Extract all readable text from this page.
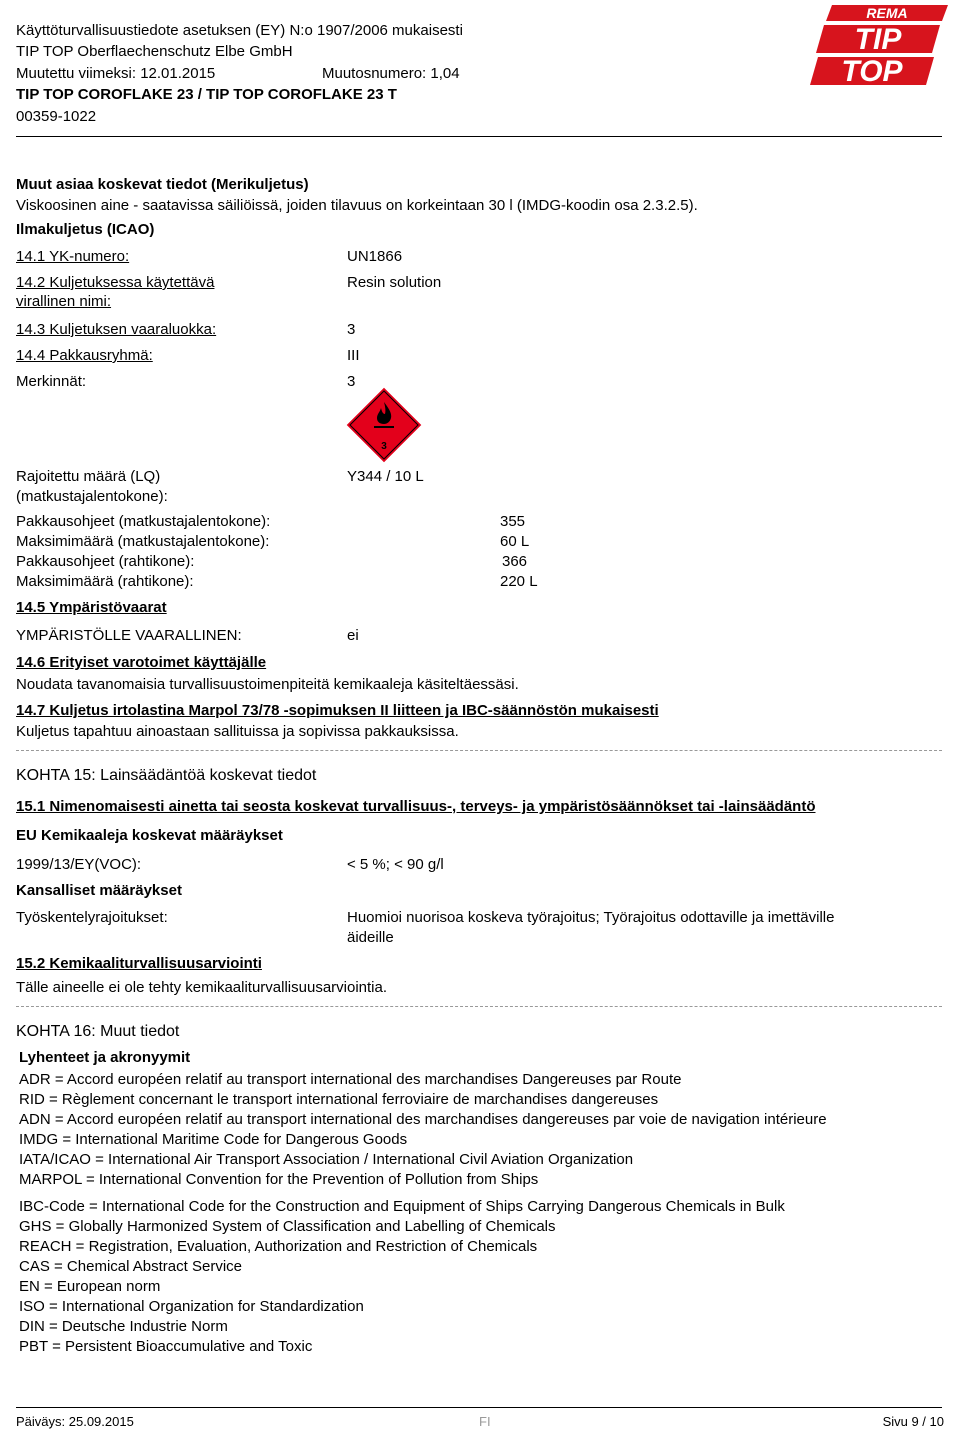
Käyttöturvallisuustiedote asetuksen (EY) N:o 1907/2006 mukaisesti
TIP TOP Oberflaechenschutz Elbe GmbH
Muutettu viimeksi: 12.01.2015	Muutosnumero: 1,04
TIP TOP COROFLAKE 23 / TIP TOP COROFLAKE 23 T
00359-1022
REMA
TIP
TOP
Muut asiaa koskevat tiedot (Merikuljetus)
Viskoosinen aine - saatavissa säiliöissä, joiden tilavuus on korkeintaan 30 l (IMDG-koodin osa 2.3.2.5).
Ilmakuljetus (ICAO)
14.1 YK-numero:	UN1866
14.2 Kuljetuksessa käytettävä
virallinen nimi:
Resin solution
14.3 Kuljetuksen vaaraluokka:	3
14.4 Pakkausryhmä:	III
Merkinnät:	3
3
Rajoitettu määrä (LQ)
(matkustajalentokone):
Y344 / 10 L
Pakkausohjeet (matkustajalentokone):	355
Maksimimäärä (matkustajalentokone):	60 L
Pakkausohjeet (rahtikone):	366
Maksimimäärä (rahtikone):	220 L
14.5 Ympäristövaarat
YMPÄRISTÖLLE VAARALLINEN:	ei
14.6 Erityiset varotoimet käyttäjälle
Noudata tavanomaisia turvallisuustoimenpiteitä kemikaaleja käsiteltäessäsi.
14.7 Kuljetus irtolastina Marpol 73/78 -sopimuksen II liitteen ja IBC-säännöstön mukaisesti
Kuljetus tapahtuu ainoastaan sallituissa ja sopivissa pakkauksissa.
KOHTA 15: Lainsäädäntöä koskevat tiedot
15.1 Nimenomaisesti ainetta tai seosta koskevat turvallisuus-, terveys- ja ympäristösäännökset tai -lainsäädäntö
EU Kemikaaleja koskevat määräykset
1999/13/EY(VOC):	< 5 %; < 90 g/l
Kansalliset määräykset
Työskentelyrajoitukset:	Huomioi nuorisoa koskeva työrajoitus; Työrajoitus odottaville ja imettäville
äideille
15.2 Kemikaaliturvallisuusarviointi
Tälle aineelle ei ole tehty kemikaaliturvallisuusarviointia.
KOHTA 16: Muut tiedot
Lyhenteet ja akronyymit
ADR = Accord européen relatif au transport international des marchandises Dangereuses par Route
RID = Règlement concernant le transport international ferroviaire de marchandises dangereuses
ADN = Accord européen relatif au transport international des marchandises dangereuses par voie de navigation intérieure
IMDG = International Maritime Code for Dangerous Goods
IATA/ICAO = International Air Transport Association / International Civil Aviation Organization
MARPOL = International Convention for the Prevention of Pollution from Ships
IBC-Code = International Code for the Construction and Equipment of Ships Carrying Dangerous Chemicals in Bulk
GHS = Globally Harmonized System of Classification and Labelling of Chemicals
REACH = Registration, Evaluation, Authorization and Restriction of Chemicals
CAS = Chemical Abstract Service
EN = European norm
ISO = International Organization for Standardization
DIN = Deutsche Industrie Norm
PBT = Persistent Bioaccumulative and Toxic
Päiväys: 25.09.2015	FI	Sivu 9 / 10
